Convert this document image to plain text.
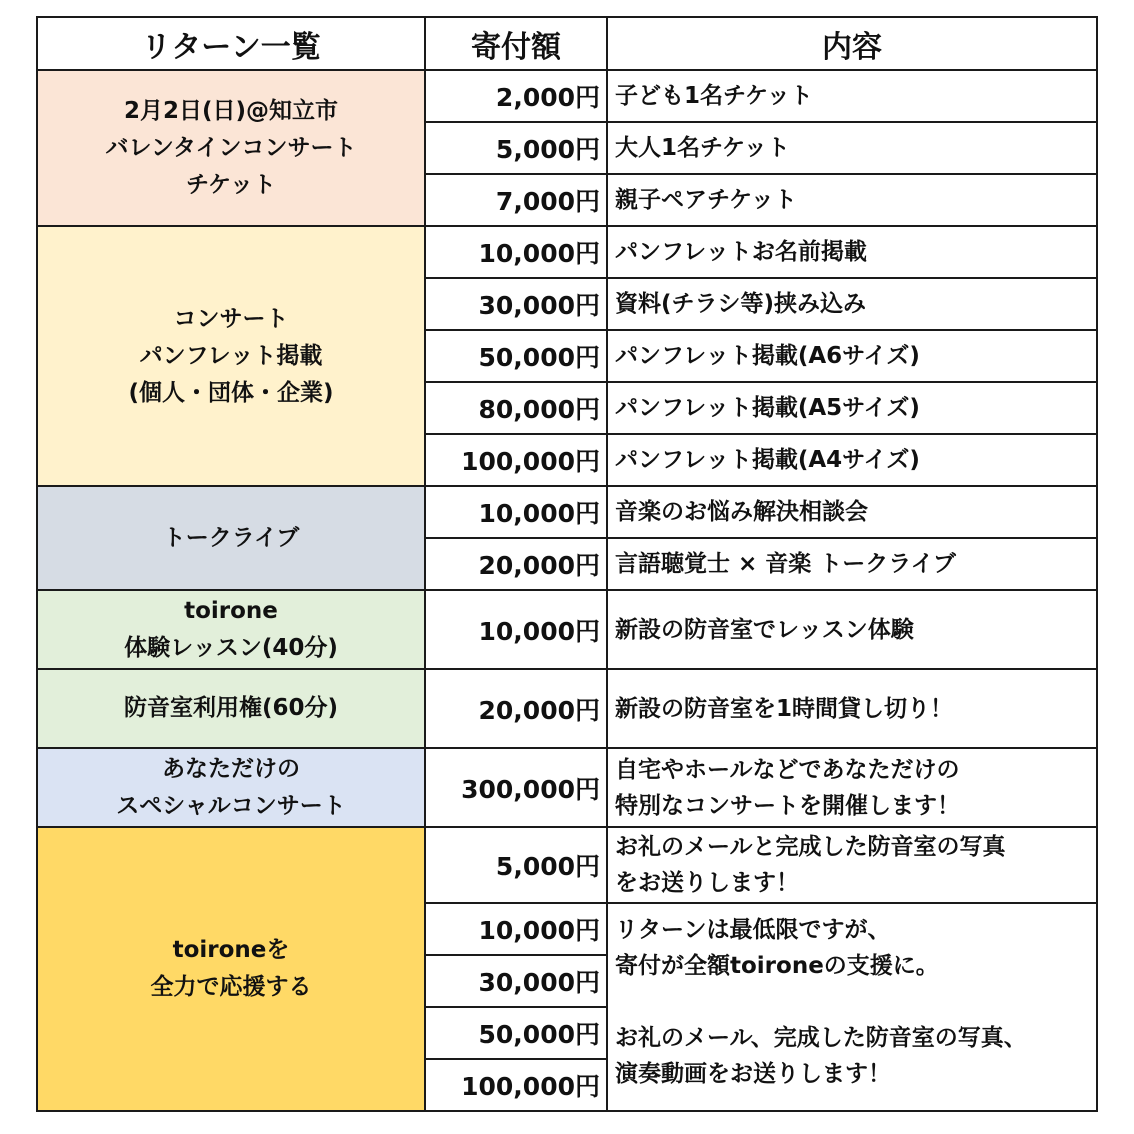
リターン一覧	寄付額	内容
2月2日(日)@知立市
バレンタインコンサート
チケット	2,000円	子ども1名チケット
	5,000円	大人1名チケット
	7,000円	親子ペアチケット
コンサート
パンフレット掲載
(個人・団体・企業)	10,000円	パンフレットお名前掲載
	30,000円	資料(チラシ等)挟み込み
	50,000円	パンフレット掲載(A6サイズ)
	80,000円	パンフレット掲載(A5サイズ)
	100,000円	パンフレット掲載(A4サイズ)
トークライブ	10,000円	音楽のお悩み解決相談会
	20,000円	言語聴覚士 × 音楽 トークライブ
toirone
体験レッスン(40分)	10,000円	新設の防音室でレッスン体験
防音室利用権(60分)	20,000円	新設の防音室を1時間貸し切り！
あなただけの
スペシャルコンサート	300,000円	自宅やホールなどであなただけの
特別なコンサートを開催します！
toironeを
全力で応援する	5,000円	お礼のメールと完成した防音室の写真
をお送りします！
	10,000円	リターンは最低限ですが、
寄付が全額toironeの支援に。

お礼のメール、完成した防音室の写真、
演奏動画をお送りします！
	30,000円	
	50,000円	
	100,000円	
